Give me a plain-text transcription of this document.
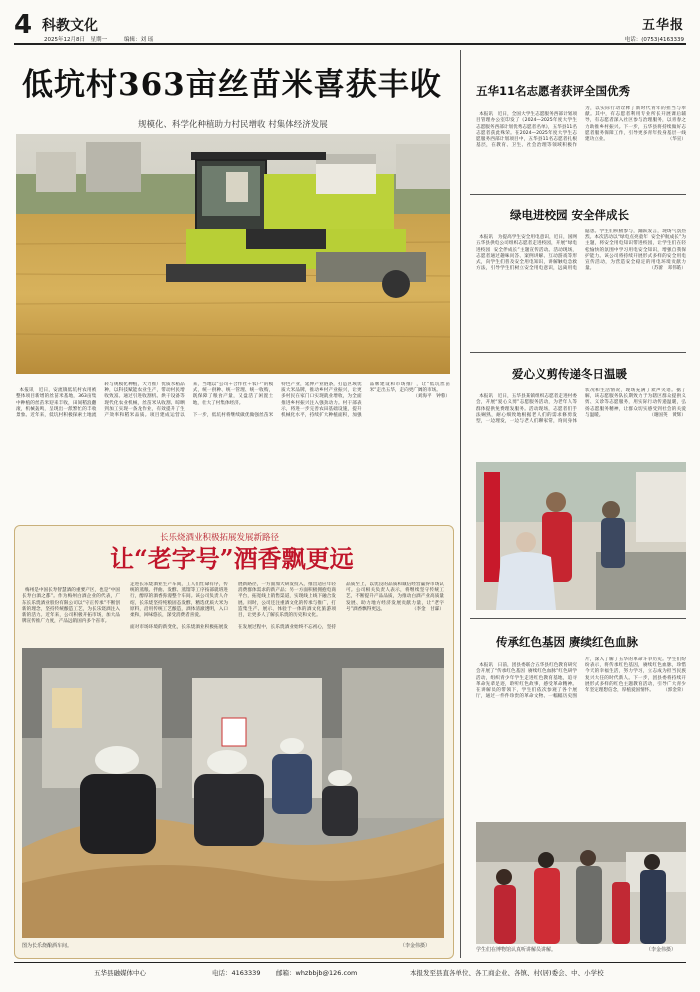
4 科教文化
2025年12月8日　星期一	编辑：刘 瑶
五华报
电话：(0753)4163339
低坑村363亩丝苗米喜获丰收
规模化、科学化种植助力村民增收 村集体经济发展

本报讯　近日，安流镇低坑村农用被整体项目新增的丝苗米基地，363亩集中种植的丝苗米迎来丰收，田间稻浪翻滚，机械轰鸣，呈现出一派繁忙的丰收景象。近年来，低坑村积极探索土地流转与规模化种植，大力推广优质水稻品种，以科技赋能农业生产，带动村民增收致富。通过引进收割机、烘干设备等现代化农业机械，丝苗米从收割、晾晒到加工实现一条龙作业，有效提升了生产效率和稻米品质。项目建成运营以来，当地以“公司＋合作社＋农户”的模式，统一供种、统一管理、统一收购，既保障了粮食产量，又盘活了闲置土地，壮大了村集体经济。

下一步，低坑村将继续做优做强丝苗米特色产业，延伸产业链条，打造区域优质大米品牌，推动乡村产业振兴，让更多村民在家门口实现就业增收，为全面推进乡村振兴注入强劲动力。村干部表示，将进一步完善农田基础设施，提升机械化水平，持续扩大种植面积，加强品牌建设和市场推广，让“低坑丝苗米”走出五华，走向更广阔的市场。
（刘海平　钟蓉）

长乐烧酒业积极拓展发展新路径
让“老字号”酒香飘更远

梅州是中国长寿智慧酒的重要产区，也是“中国长寿白酒之都”。作为梅州白酒企业的代表，广东长乐烧酒业股份有限公司以“守正传承”不断创新的理念，坚持传统酿造工艺，为长乐烧酒注入新的活力。近年来，公司积极开拓市场，加大品牌宣传推广力度，产品远销国内多个省市。

走进长乐烧酒业生产车间，工人们忙碌有序，传统的蒸粮、拌曲、发酵、蒸馏等工序按部就班进行，醇厚的酒香弥漫整个车间。该公司负责人介绍，长乐烧坚持纯粮固态发酵，精选优质大米为原料，沿用传统工艺酿造，酒体清澈透明，入口柔和，回味悠长，深受消费者喜爱。

面对市场环境的新变化，长乐烧酒业积极拓展发展新路径，一方面加大研发投入，推出适应年轻消费群体需求的新产品；另一方面积极拥抱电商平台，拓宽线上销售渠道，实现线上线下融合发展。同时，公司还注重酒文化的传承与推广，打造集生产、展示、体验于一体的酒文化旅游项目，让更多人了解长乐烧的历史和文化。

在发展过程中，长乐烧酒业始终不忘初心，坚持品质至上，以优良的品质和诚信经营赢得市场认可。公司相关负责人表示，将继续坚守传统工艺，不断提升产品品质，为推动白酒产业高质量发展、助力地方经济发展贡献力量，让“老字号”酒香飘得更远。	（李金　甘霖）

图为长乐烧酿酒车间。	（李金伟摄）
五华11名志愿者获评全国优秀

本报讯　近日，全国大学生志愿服务西部计划项目管理办公室印发了《2024—2025年度大学生志愿服务西部计划优秀志愿者名单》，五华县11名志愿者获此殊荣。在2024—2025年度大学生志愿服务西部计划项目中，五华县11名志愿者扎根基层，在教育、卫生、社会治理等领域积极作为，以实际行动诠释了新时代青年的担当与奉献。其中，有志愿者利用专业所长开展课后辅导，有志愿者深入社区参与治理服务，以青春之力助推乡村振兴。下一步，五华县将持续做好志愿者服务保障工作，引导更多青年投身基层一线建功立业。	（华宣）

绿电进校园 安全伴成长

本报讯　为提高学生安全用电意识，近日，国网五华县供电公司组织志愿者走进校园，开展“绿电进校园  安全伴成长”主题宣传活动。活动现场，志愿者通过趣味问答、案例讲解、互动游戏等形式，向学生们普及安全用电知识，讲解触电急救方法，引导学生们树立安全用电意识，远离用电隐患。学生们积极参与，踊跃发言，现场气氛热烈。本次活动以“绿电点亮童年  安全护航成长”为主题，将安全用电知识带进校园，让学生们在轻松愉快的氛围中学习用电安全知识，增强自我保护能力。该公司将持续开展形式多样的安全用电宣传活动，为营造安全稳定的用电环境贡献力量。	（苏蕾　邓伟皓）

爱心义剪传递冬日温暖

本报讯　近日，五华县某镇组织志愿者走进村委会，开展“爱心义剪”志愿服务活动，为老年人等群体提供免费理发服务。活动现场，志愿者们手法娴熟，耐心细致地根据老人们的需求修剪发型，一边理发，一边与老人们聊家常，询问身体状况和生活情况，现场充满了欢声笑语。据了解，该志愿服务队长期致力于为辖区群众提供义剪、义诊等志愿服务，用实际行动传递温暖，弘扬志愿服务精神，让群众切实感受到社会的关爱与温暖。	（谢国英　黄辉）

传承红色基因 赓续红色血脉

本报讯　日前，团县委联合五华县红色教育研究会开展了“传承红色基因  赓续红色血脉”红色研学活动，组织青少年学生走进红色教育基地，追寻革命先辈足迹，聆听红色故事，感受革命精神。在讲解员的带领下，学生们依次参观了各个展厅，通过一件件珍贵的革命文物、一幅幅历史图片，深入了解了五华的革命斗争历史。学生们纷纷表示，将传承红色基因，赓续红色血脉，珍惜今天的幸福生活，努力学习，立志成为担当民族复兴大任的时代新人。下一步，团县委将持续开展形式多样的红色主题教育活动，引导广大青少年坚定理想信念，厚植爱国情怀。 （郭金荣）

学生们在博物馆认真听讲解员讲解。	（李金伟摄）
五华县融媒体中心	电话：4163339 邮箱：whzbbjb@126.com	本报发至县直各单位、各工商企业、各镇、村(居)委会、中、小学校
